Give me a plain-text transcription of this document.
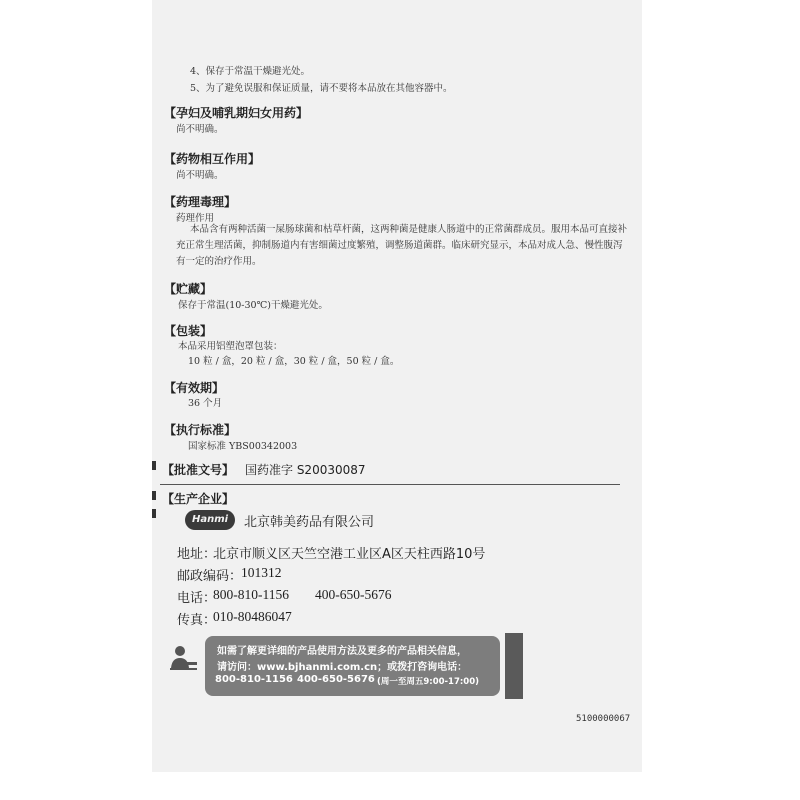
4、保存于常温干燥避光处。
5、为了避免误服和保证质量，请不要将本品放在其他容器中。
【孕妇及哺乳期妇女用药】
尚不明确。
【药物相互作用】
尚不明确。
【药理毒理】
药理作用
本品含有两种活菌一屎肠球菌和枯草杆菌，这两种菌是健康人肠道中的正常菌群成员。服用本品可直接补充正常生理活菌，抑制肠道内有害细菌过度繁殖，调整肠道菌群。临床研究显示，本品对成人急、慢性腹泻有一定的治疗作用。
【贮藏】
保存于常温(10-30℃)干燥避光处。
【包装】
本品采用铝塑泡罩包装：
10 粒 / 盒，20 粒 / 盒，30 粒 / 盒，50 粒 / 盒。
【有效期】
36 个月
【执行标准】
国家标准 YBS00342003
【批准文号】 国药准字 S20030087
【生产企业】
Hanmi	北京韩美药品有限公司
地址：
北京市顺义区天竺空港工业区A区天柱西路10号
邮政编码：
101312
电话：
800-810-1156 400-650-5676
传真：
010-80486047
如需了解更详细的产品使用方法及更多的产品相关信息，
请访问：www.bjhanmi.com.cn；或拨打咨询电话：
800-810-1156 400-650-5676 (周一至周五9:00-17:00)
5100000067
